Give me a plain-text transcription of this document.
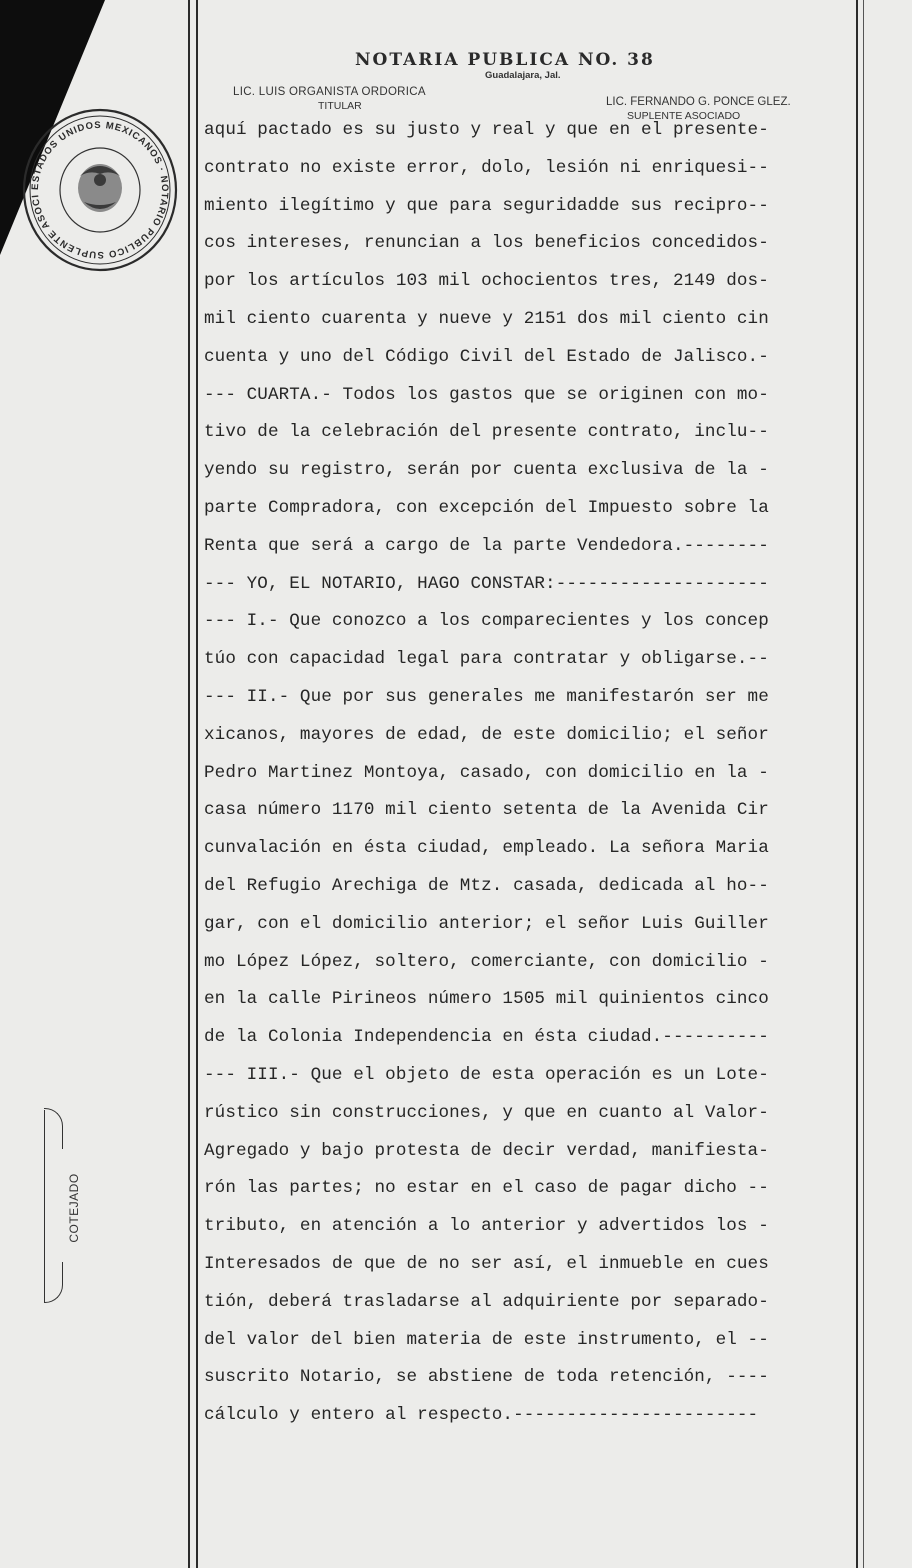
NOTARIA PUBLICA NO. 38
Guadalajara, Jal.
LIC. LUIS ORGANISTA ORDORICA
TITULAR	LIC. FERNANDO G. PONCE GLEZ.
SUPLENTE ASOCIADO
ESTADOS UNIDOS MEXICANOS · NOTARIO PUBLICO SUPLENTE ASOCI
aquí pactado es su justo y real y que en el presente-
contrato no existe error, dolo, lesión ni enriquesi--
miento ilegítimo y que para seguridadde sus recipro--
cos intereses, renuncian a los beneficios concedidos-
por los artículos 103 mil ochocientos tres, 2149 dos-
mil ciento cuarenta y nueve y 2151 dos mil ciento cin
cuenta y uno del Código Civil del Estado de Jalisco.-
--- CUARTA.- Todos los gastos que se originen con mo-
tivo de la celebración del presente contrato, inclu--
yendo su registro, serán por cuenta exclusiva de la -
parte Compradora, con excepción del Impuesto sobre la
Renta que será a cargo de la parte Vendedora.--------
--- YO, EL NOTARIO, HAGO CONSTAR:--------------------
--- I.- Que conozco a los comparecientes y los concep
túo con capacidad legal para contratar y obligarse.--
--- II.- Que por sus generales me manifestarón ser me
xicanos, mayores de edad, de este domicilio; el señor
Pedro Martinez Montoya, casado, con domicilio en la -
casa número 1170 mil ciento setenta de la Avenida Cir
cunvalación en ésta ciudad, empleado. La señora Maria
del Refugio Arechiga de Mtz. casada, dedicada al ho--
gar, con el domicilio anterior; el señor Luis Guiller
mo López López, soltero, comerciante, con domicilio -
en la calle Pirineos número 1505 mil quinientos cinco
de la Colonia Independencia en ésta ciudad.----------
--- III.- Que el objeto de esta operación es un Lote-
rústico sin construcciones, y que en cuanto al Valor-
Agregado y bajo protesta de decir verdad, manifiesta-
rón las partes; no estar en el caso de pagar dicho --
tributo, en atención a lo anterior y advertidos los -
Interesados de que de no ser así, el inmueble en cues
tión, deberá trasladarse al adquiriente por separado-
del valor del bien materia de este instrumento, el --
suscrito Notario, se abstiene de toda retención, ----
cálculo y entero al respecto.-----------------------
COTEJADO
